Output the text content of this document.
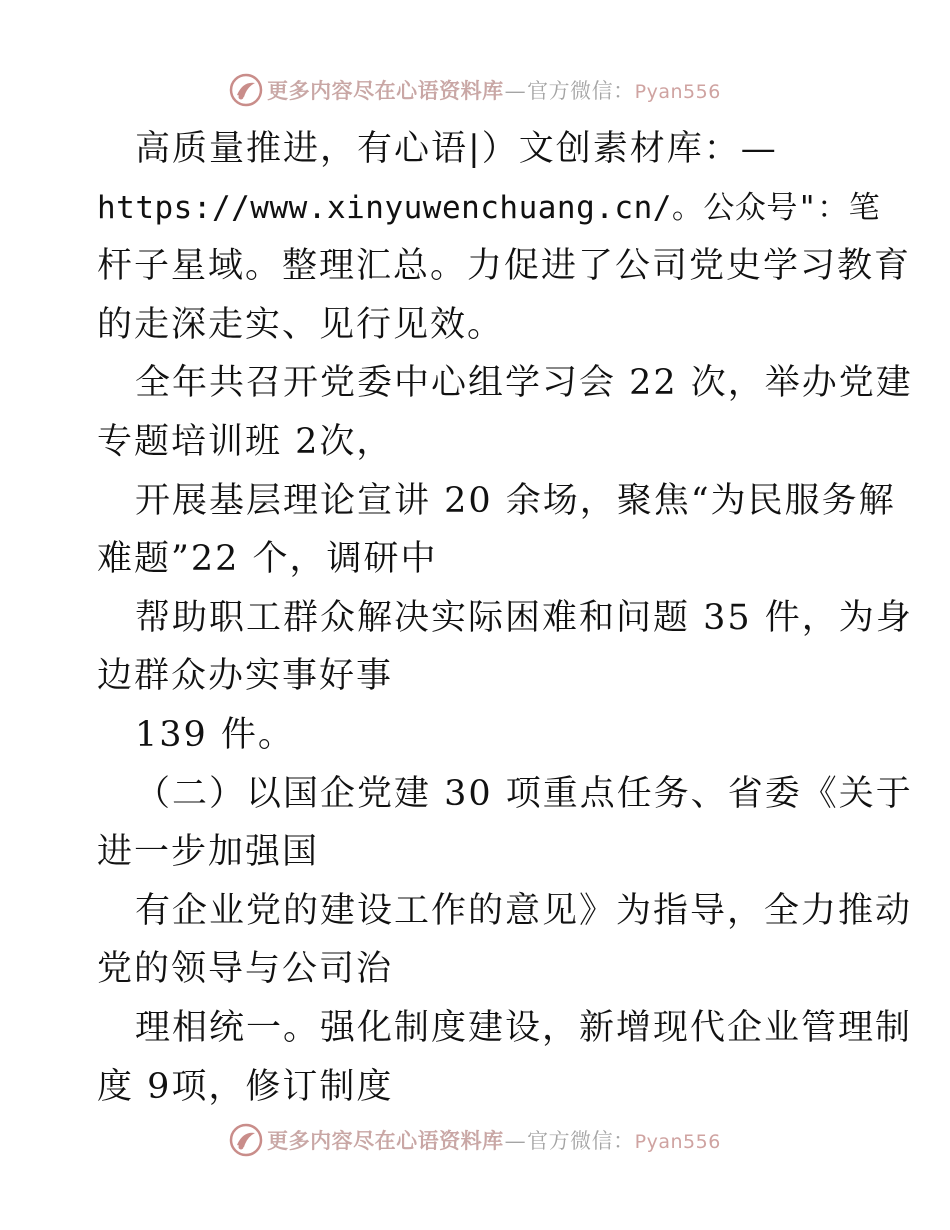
更多内容尽在心语资料库—官方微信：Pyan556
高质量推进，有心语|）文创素材库：—
https://www.xinyuwenchuang.cn/。公众号"：笔
杆子星域。整理汇总。力促进了公司党史学习教育
的走深走实、见行见效。
全年共召开党委中心组学习会 22 次，举办党建
专题培训班 2次，
开展基层理论宣讲 20 余场，聚焦“为民服务解
难题”22 个，调研中
帮助职工群众解决实际困难和问题 35 件，为身
边群众办实事好事
139 件。
（二）以国企党建 30 项重点任务、省委《关于
进一步加强国
有企业党的建设工作的意见》为指导，全力推动
党的领导与公司治
理相统一。强化制度建设，新增现代企业管理制
度 9项，修订制度
更多内容尽在心语资料库—官方微信：Pyan556
